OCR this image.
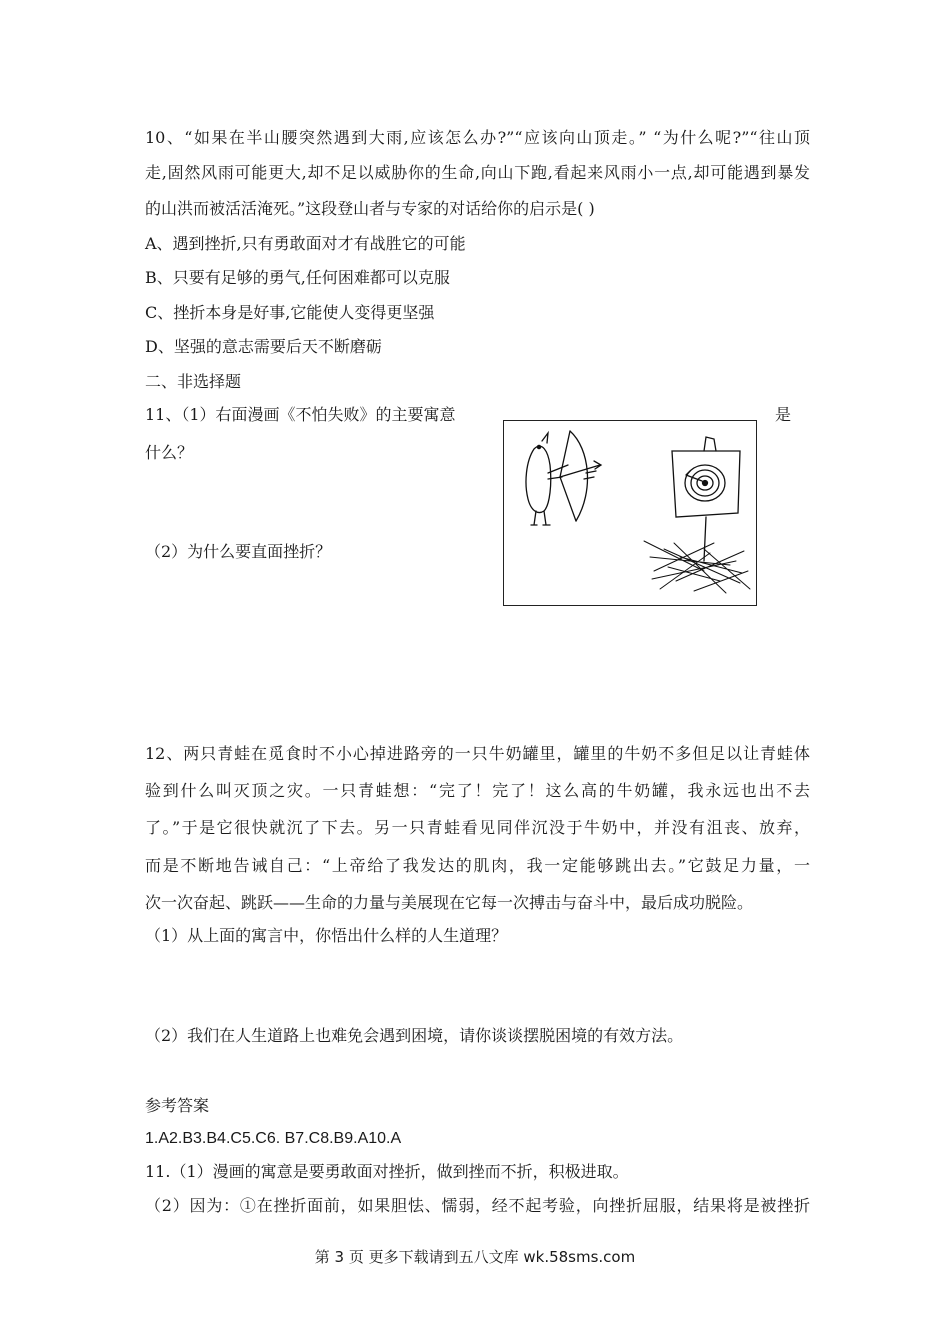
10、“如果在半山腰突然遇到大雨,应该怎么办?”“应该向山顶走。” “为什么呢?”“往山顶

走,固然风雨可能更大,却不足以威胁你的生命,向山下跑,看起来风雨小一点,却可能遇到暴发

的山洪而被活活淹死。”这段登山者与专家的对话给你的启示是( )

A、遇到挫折,只有勇敢面对才有战胜它的可能

B、只要有足够的勇气,任何困难都可以克服

C、挫折本身是好事,它能使人变得更坚强

D、坚强的意志需要后天不断磨砺

二、非选择题

11、（1）右面漫画《不怕失败》的主要寓意	是

什么？

（2）为什么要直面挫折？

12、两只青蛙在觅食时不小心掉进路旁的一只牛奶罐里，罐里的牛奶不多但足以让青蛙体

验到什么叫灭顶之灾。一只青蛙想：“完了！完了！这么高的牛奶罐，我永远也出不去

了。”于是它很快就沉了下去。另一只青蛙看见同伴沉没于牛奶中，并没有沮丧、放弃，

而是不断地告诫自己：“上帝给了我发达的肌肉，我一定能够跳出去。”它鼓足力量，一

次一次奋起、跳跃——生命的力量与美展现在它每一次搏击与奋斗中，最后成功脱险。

（1）从上面的寓言中，你悟出什么样的人生道理？

（2）我们在人生道路上也难免会遇到困境，请你谈谈摆脱困境的有效方法。

参考答案

1.A2.B3.B4.C5.C6. B7.C8.B9.A10.A

11.（1）漫画的寓意是要勇敢面对挫折，做到挫而不折，积极进取。

（2）因为：①在挫折面前，如果胆怯、懦弱，经不起考验，向挫折屈服，结果将是被挫折

第 3 页 更多下载请到五八文库 wk.58sms.com
